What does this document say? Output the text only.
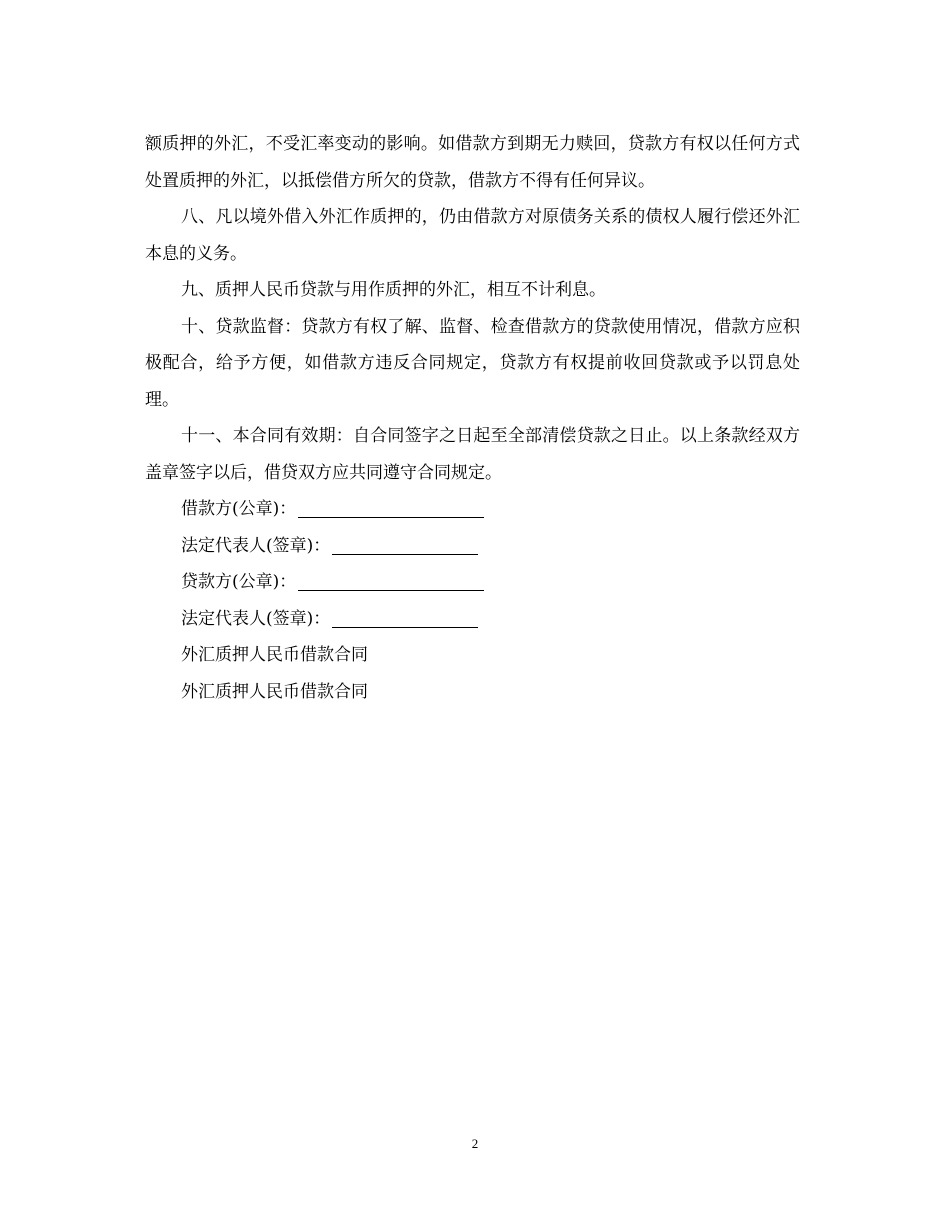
额质押的外汇，不受汇率变动的影响。如借款方到期无力赎回，贷款方有权以任何方式处置质押的外汇，以抵偿借方所欠的贷款，借款方不得有任何异议。

八、凡以境外借入外汇作质押的，仍由借款方对原债务关系的债权人履行偿还外汇本息的义务。

九、质押人民币贷款与用作质押的外汇，相互不计利息。

十、贷款监督：贷款方有权了解、监督、检查借款方的贷款使用情况，借款方应积极配合，给予方便，如借款方违反合同规定，贷款方有权提前收回贷款或予以罚息处理。

十一、本合同有效期：自合同签字之日起至全部清偿贷款之日止。以上条款经双方盖章签字以后，借贷双方应共同遵守合同规定。

借款方(公章)：

法定代表人(签章)：

贷款方(公章)：

法定代表人(签章)：

外汇质押人民币借款合同

外汇质押人民币借款合同

2
